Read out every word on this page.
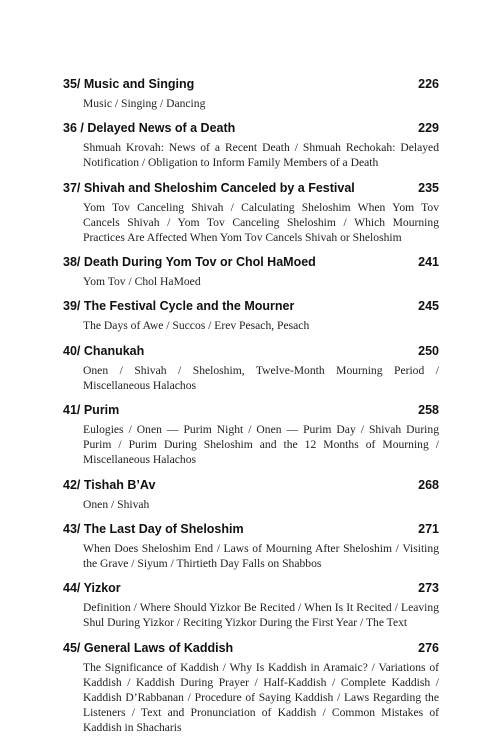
35/ Music and Singing	226
Music / Singing / Dancing
36 / Delayed News of a Death	229
Shmuah Krovah: News of a Recent Death / Shmuah Rechokah: Delayed Notification / Obligation to Inform Family Members of a Death
37/ Shivah and Sheloshim Canceled by a Festival	235
Yom Tov Canceling Shivah / Calculating Sheloshim When Yom Tov Cancels Shivah / Yom Tov Canceling Sheloshim / Which Mourning Practices Are Affected When Yom Tov Cancels Shivah or Sheloshim
38/ Death During Yom Tov or Chol HaMoed	241
Yom Tov / Chol HaMoed
39/ The Festival Cycle and the Mourner	245
The Days of Awe / Succos / Erev Pesach, Pesach
40/ Chanukah	250
Onen / Shivah / Sheloshim, Twelve-Month Mourning Period / Miscellaneous Halachos
41/ Purim	258
Eulogies / Onen — Purim Night / Onen — Purim Day / Shivah During Purim / Purim During Sheloshim and the 12 Months of Mourning / Miscellaneous Halachos
42/ Tishah B’Av	268
Onen / Shivah
43/ The Last Day of Sheloshim	271
When Does Sheloshim End / Laws of Mourning After Sheloshim / Visiting the Grave / Siyum / Thirtieth Day Falls on Shabbos
44/ Yizkor	273
Definition / Where Should Yizkor Be Recited / When Is It Recited / Leaving Shul During Yizkor / Reciting Yizkor During the First Year / The Text
45/ General Laws of Kaddish	276
The Significance of Kaddish / Why Is Kaddish in Aramaic? / Variations of Kaddish / Kaddish During Prayer / Half-Kaddish / Complete Kaddish / Kaddish D’Rabbanan / Procedure of Saying Kaddish / Laws Regarding the Listeners / Text and Pronunciation of Kaddish / Common Mistakes of Kaddish in Shacharis
